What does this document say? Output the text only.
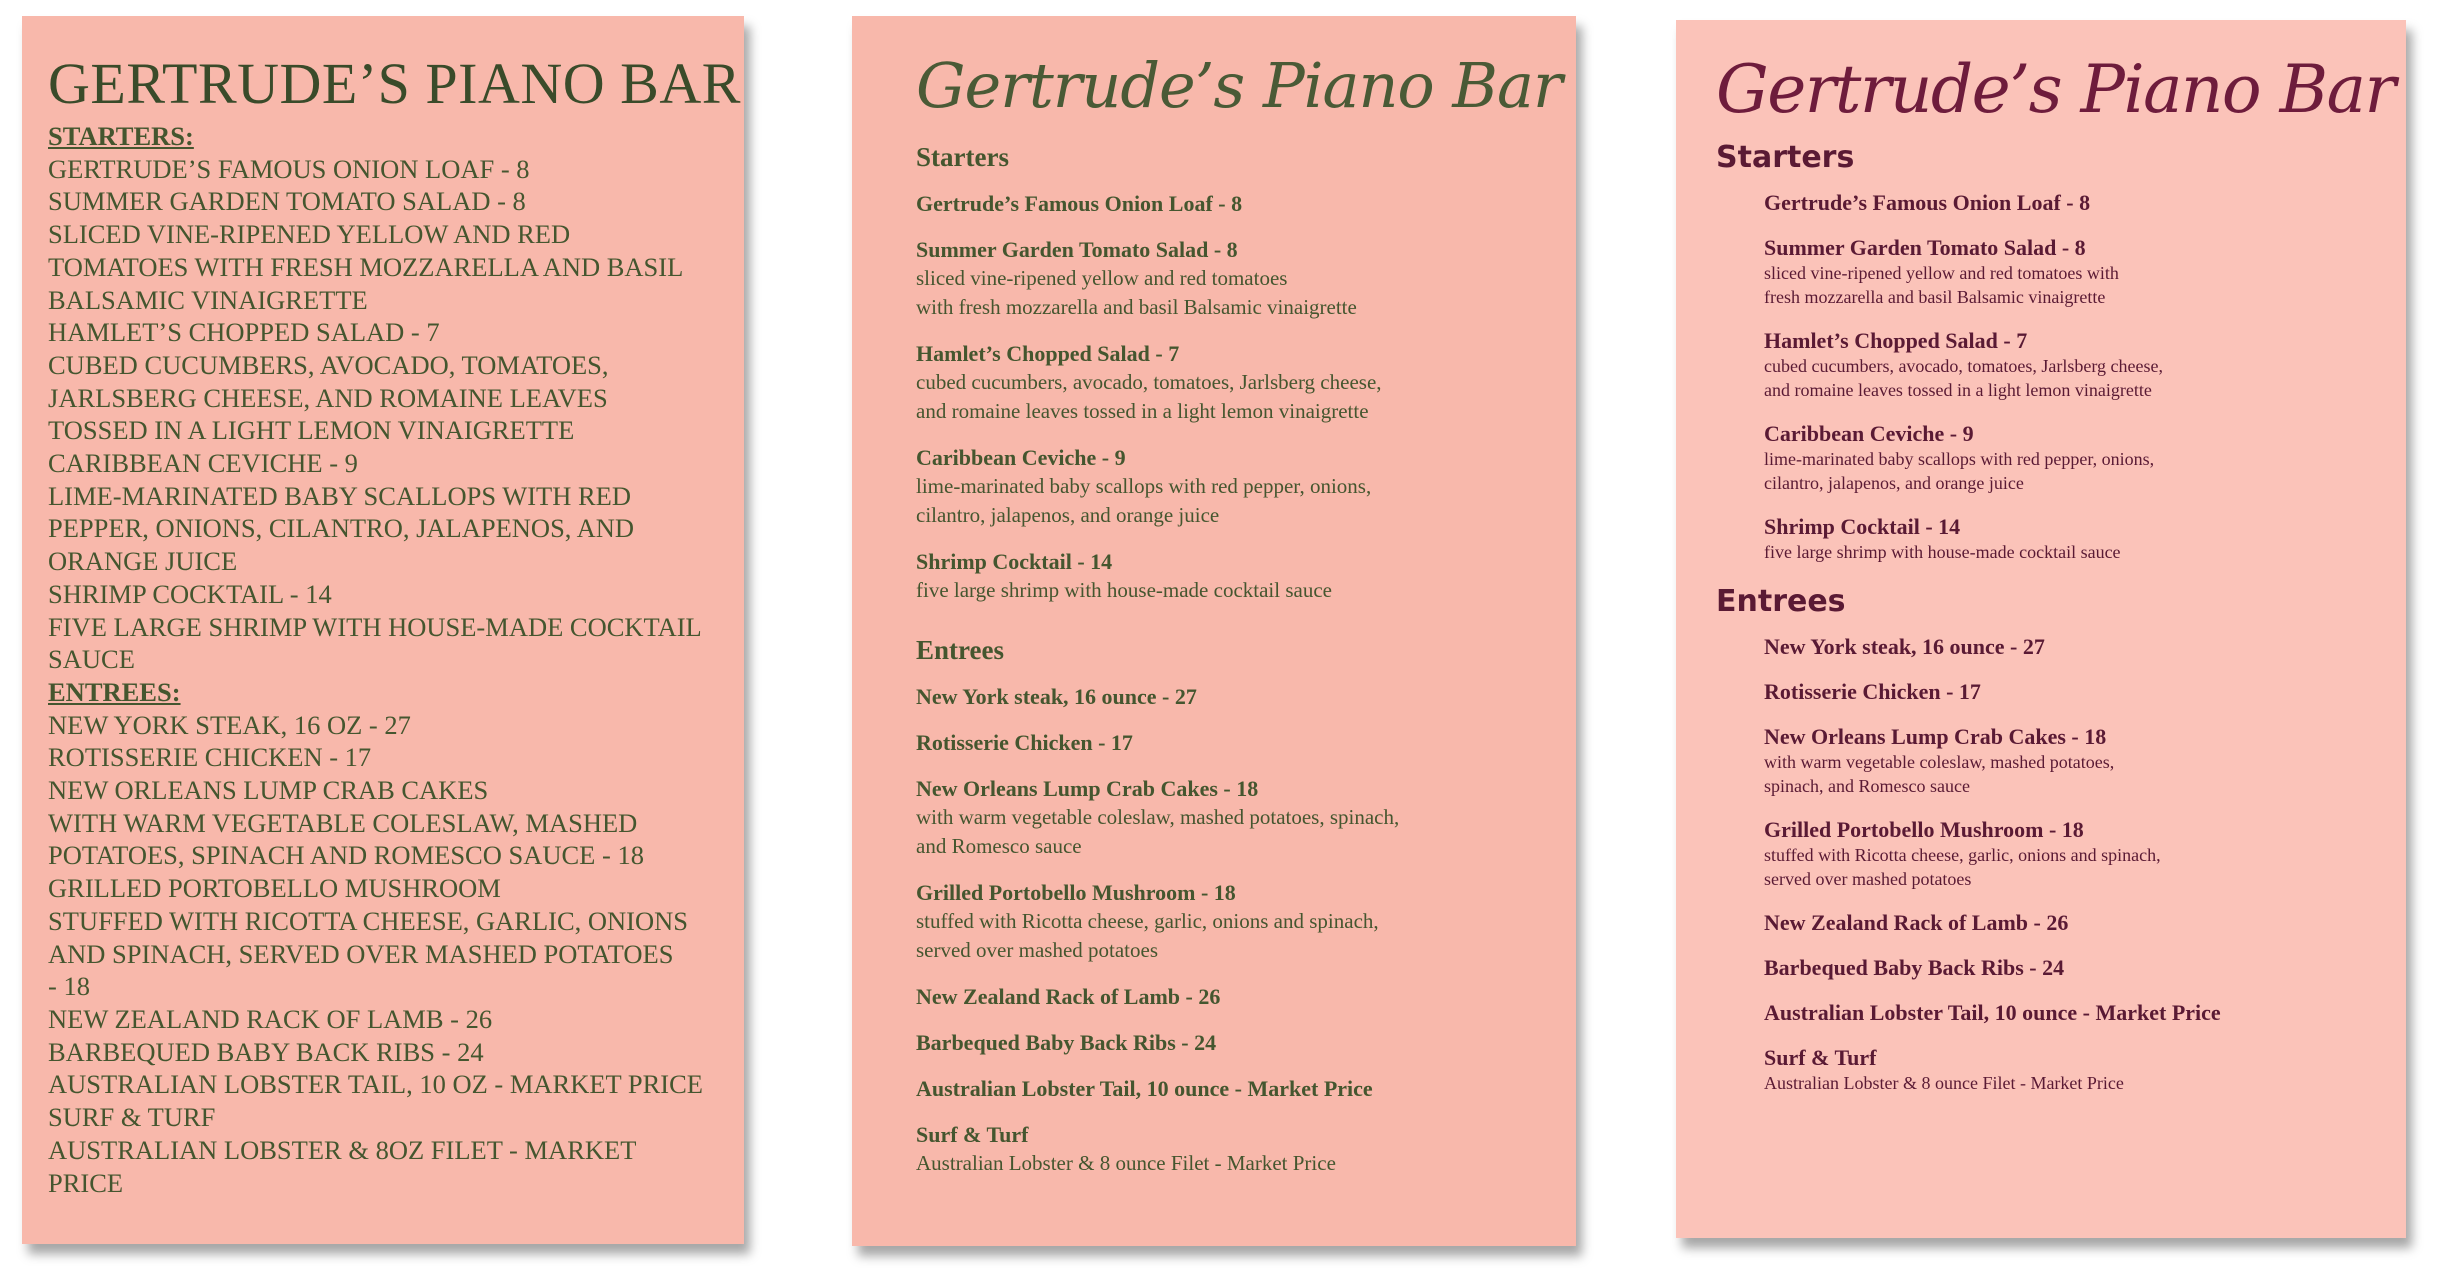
GERTRUDE’S PIANO BAR
STARTERS:
GERTRUDE’S FAMOUS ONION LOAF - 8
SUMMER GARDEN TOMATO SALAD - 8
SLICED VINE-RIPENED YELLOW AND RED
TOMATOES WITH FRESH MOZZARELLA AND BASIL
BALSAMIC VINAIGRETTE
HAMLET’S CHOPPED SALAD - 7
CUBED CUCUMBERS, AVOCADO, TOMATOES,
JARLSBERG CHEESE, AND ROMAINE LEAVES
TOSSED IN A LIGHT LEMON VINAIGRETTE
CARIBBEAN CEVICHE - 9
LIME-MARINATED BABY SCALLOPS WITH RED
PEPPER, ONIONS, CILANTRO, JALAPENOS, AND
ORANGE JUICE
SHRIMP COCKTAIL - 14
FIVE LARGE SHRIMP WITH HOUSE-MADE COCKTAIL
SAUCE
ENTREES:
NEW YORK STEAK, 16 OZ - 27
ROTISSERIE CHICKEN - 17
NEW ORLEANS LUMP CRAB CAKES
WITH WARM VEGETABLE COLESLAW, MASHED
POTATOES, SPINACH AND ROMESCO SAUCE - 18
GRILLED PORTOBELLO MUSHROOM
STUFFED WITH RICOTTA CHEESE, GARLIC, ONIONS
AND SPINACH, SERVED OVER MASHED POTATOES
- 18
NEW ZEALAND RACK OF LAMB - 26
BARBEQUED BABY BACK RIBS - 24
AUSTRALIAN LOBSTER TAIL, 10 OZ - MARKET PRICE
SURF & TURF
AUSTRALIAN LOBSTER & 8OZ FILET - MARKET
PRICE
Gertrude’s Piano Bar
Starters
Gertrude’s Famous Onion Loaf - 8
Summer Garden Tomato Salad - 8
sliced vine-ripened yellow and red tomatoes
with fresh mozzarella and basil Balsamic vinaigrette
Hamlet’s Chopped Salad - 7
cubed cucumbers, avocado, tomatoes, Jarlsberg cheese,
and romaine leaves tossed in a light lemon vinaigrette
Caribbean Ceviche - 9
lime-marinated baby scallops with red pepper, onions,
cilantro, jalapenos, and orange juice
Shrimp Cocktail - 14
five large shrimp with house-made cocktail sauce
Entrees
New York steak, 16 ounce - 27
Rotisserie Chicken - 17
New Orleans Lump Crab Cakes - 18
with warm vegetable coleslaw, mashed potatoes, spinach,
and Romesco sauce
Grilled Portobello Mushroom - 18
stuffed with Ricotta cheese, garlic, onions and spinach,
served over mashed potatoes
New Zealand Rack of Lamb - 26
Barbequed Baby Back Ribs - 24
Australian Lobster Tail, 10 ounce - Market Price
Surf & Turf
Australian Lobster & 8 ounce Filet - Market Price
Gertrude’s Piano Bar
Starters
Gertrude’s Famous Onion Loaf - 8
Summer Garden Tomato Salad - 8
sliced vine-ripened yellow and red tomatoes with
fresh mozzarella and basil Balsamic vinaigrette
Hamlet’s Chopped Salad - 7
cubed cucumbers, avocado, tomatoes, Jarlsberg cheese,
and romaine leaves tossed in a light lemon vinaigrette
Caribbean Ceviche - 9
lime-marinated baby scallops with red pepper, onions,
cilantro, jalapenos, and orange juice
Shrimp Cocktail - 14
five large shrimp with house-made cocktail sauce
Entrees
New York steak, 16 ounce - 27
Rotisserie Chicken - 17
New Orleans Lump Crab Cakes - 18
with warm vegetable coleslaw, mashed potatoes,
spinach, and Romesco sauce
Grilled Portobello Mushroom - 18
stuffed with Ricotta cheese, garlic, onions and spinach,
served over mashed potatoes
New Zealand Rack of Lamb - 26
Barbequed Baby Back Ribs - 24
Australian Lobster Tail, 10 ounce - Market Price
Surf & Turf
Australian Lobster & 8 ounce Filet - Market Price
